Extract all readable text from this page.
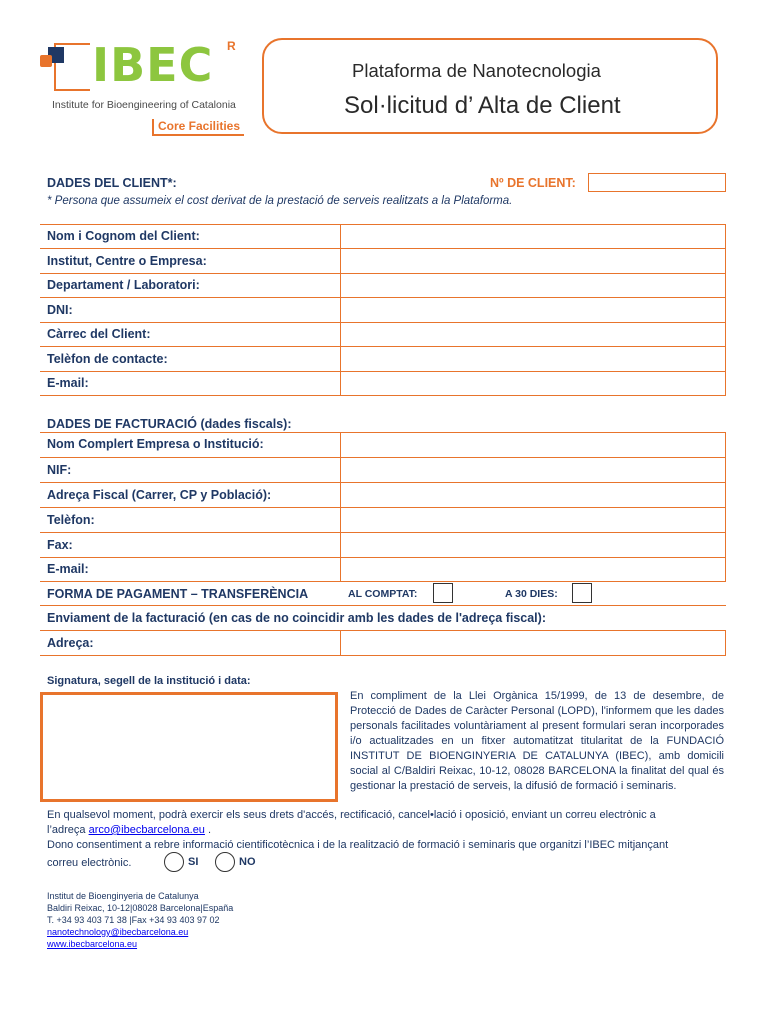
IBEC R
Institute for Bioengineering of Catalonia
Core Facilities
Plataforma de Nanotecnologia
Sol·licitud d’ Alta de Client
DADES DEL CLIENT*:	Nº DE CLIENT:
* Persona que assumeix el cost derivat de la prestació de serveis realitzats a la Plataforma.
Nom i Cognom del Client:
Institut, Centre o Empresa:
Departament / Laboratori:
DNI:
Càrrec del Client:
Telèfon de contacte:
E-mail:
DADES DE FACTURACIÓ (dades fiscals):
Nom Complert Empresa o Institució:
NIF:
Adreça Fiscal (Carrer, CP y Població):
Telèfon:
Fax:
E-mail:
FORMA DE PAGAMENT – TRANSFERÈNCIA	AL COMPTAT:	A 30 DIES:
Enviament de la facturació (en cas de no coincidir amb les dades de l'adreça fiscal):
Adreça:
Signatura, segell de la institució i data:
En compliment de la Llei Orgànica 15/1999, de 13 de desembre, de Protecció de Dades de Caràcter Personal (LOPD), l'informem que les dades personals facilitades voluntàriament al present formulari seran incorporades i/o actualitzades en un fitxer automatitzat titularitat de la FUNDACIÓ INSTITUT DE BIOENGINYERIA DE CATALUNYA (IBEC), amb domicili social al C/Baldiri Reixac, 10-12, 08028 BARCELONA la finalitat del qual és gestionar la prestació de serveis, la difusió de formació i seminaris.
En qualsevol moment, podrà exercir els seus drets d'accés, rectificació, cancel•lació i oposició, enviant un correu electrònic a
l’adreça arco@ibecbarcelona.eu .
Dono consentiment a rebre informació cientificotècnica i de la realització de formació i seminaris que organitzi l’IBEC mitjançant
correu electrònic.	SI	NO
Institut de Bioenginyeria de Catalunya
Baldiri Reixac, 10-12|08028 Barcelona|España
T. +34 93 403 71 38 |Fax +34 93 403 97 02
nanotechnology@ibecbarcelona.eu
www.ibecbarcelona.eu
